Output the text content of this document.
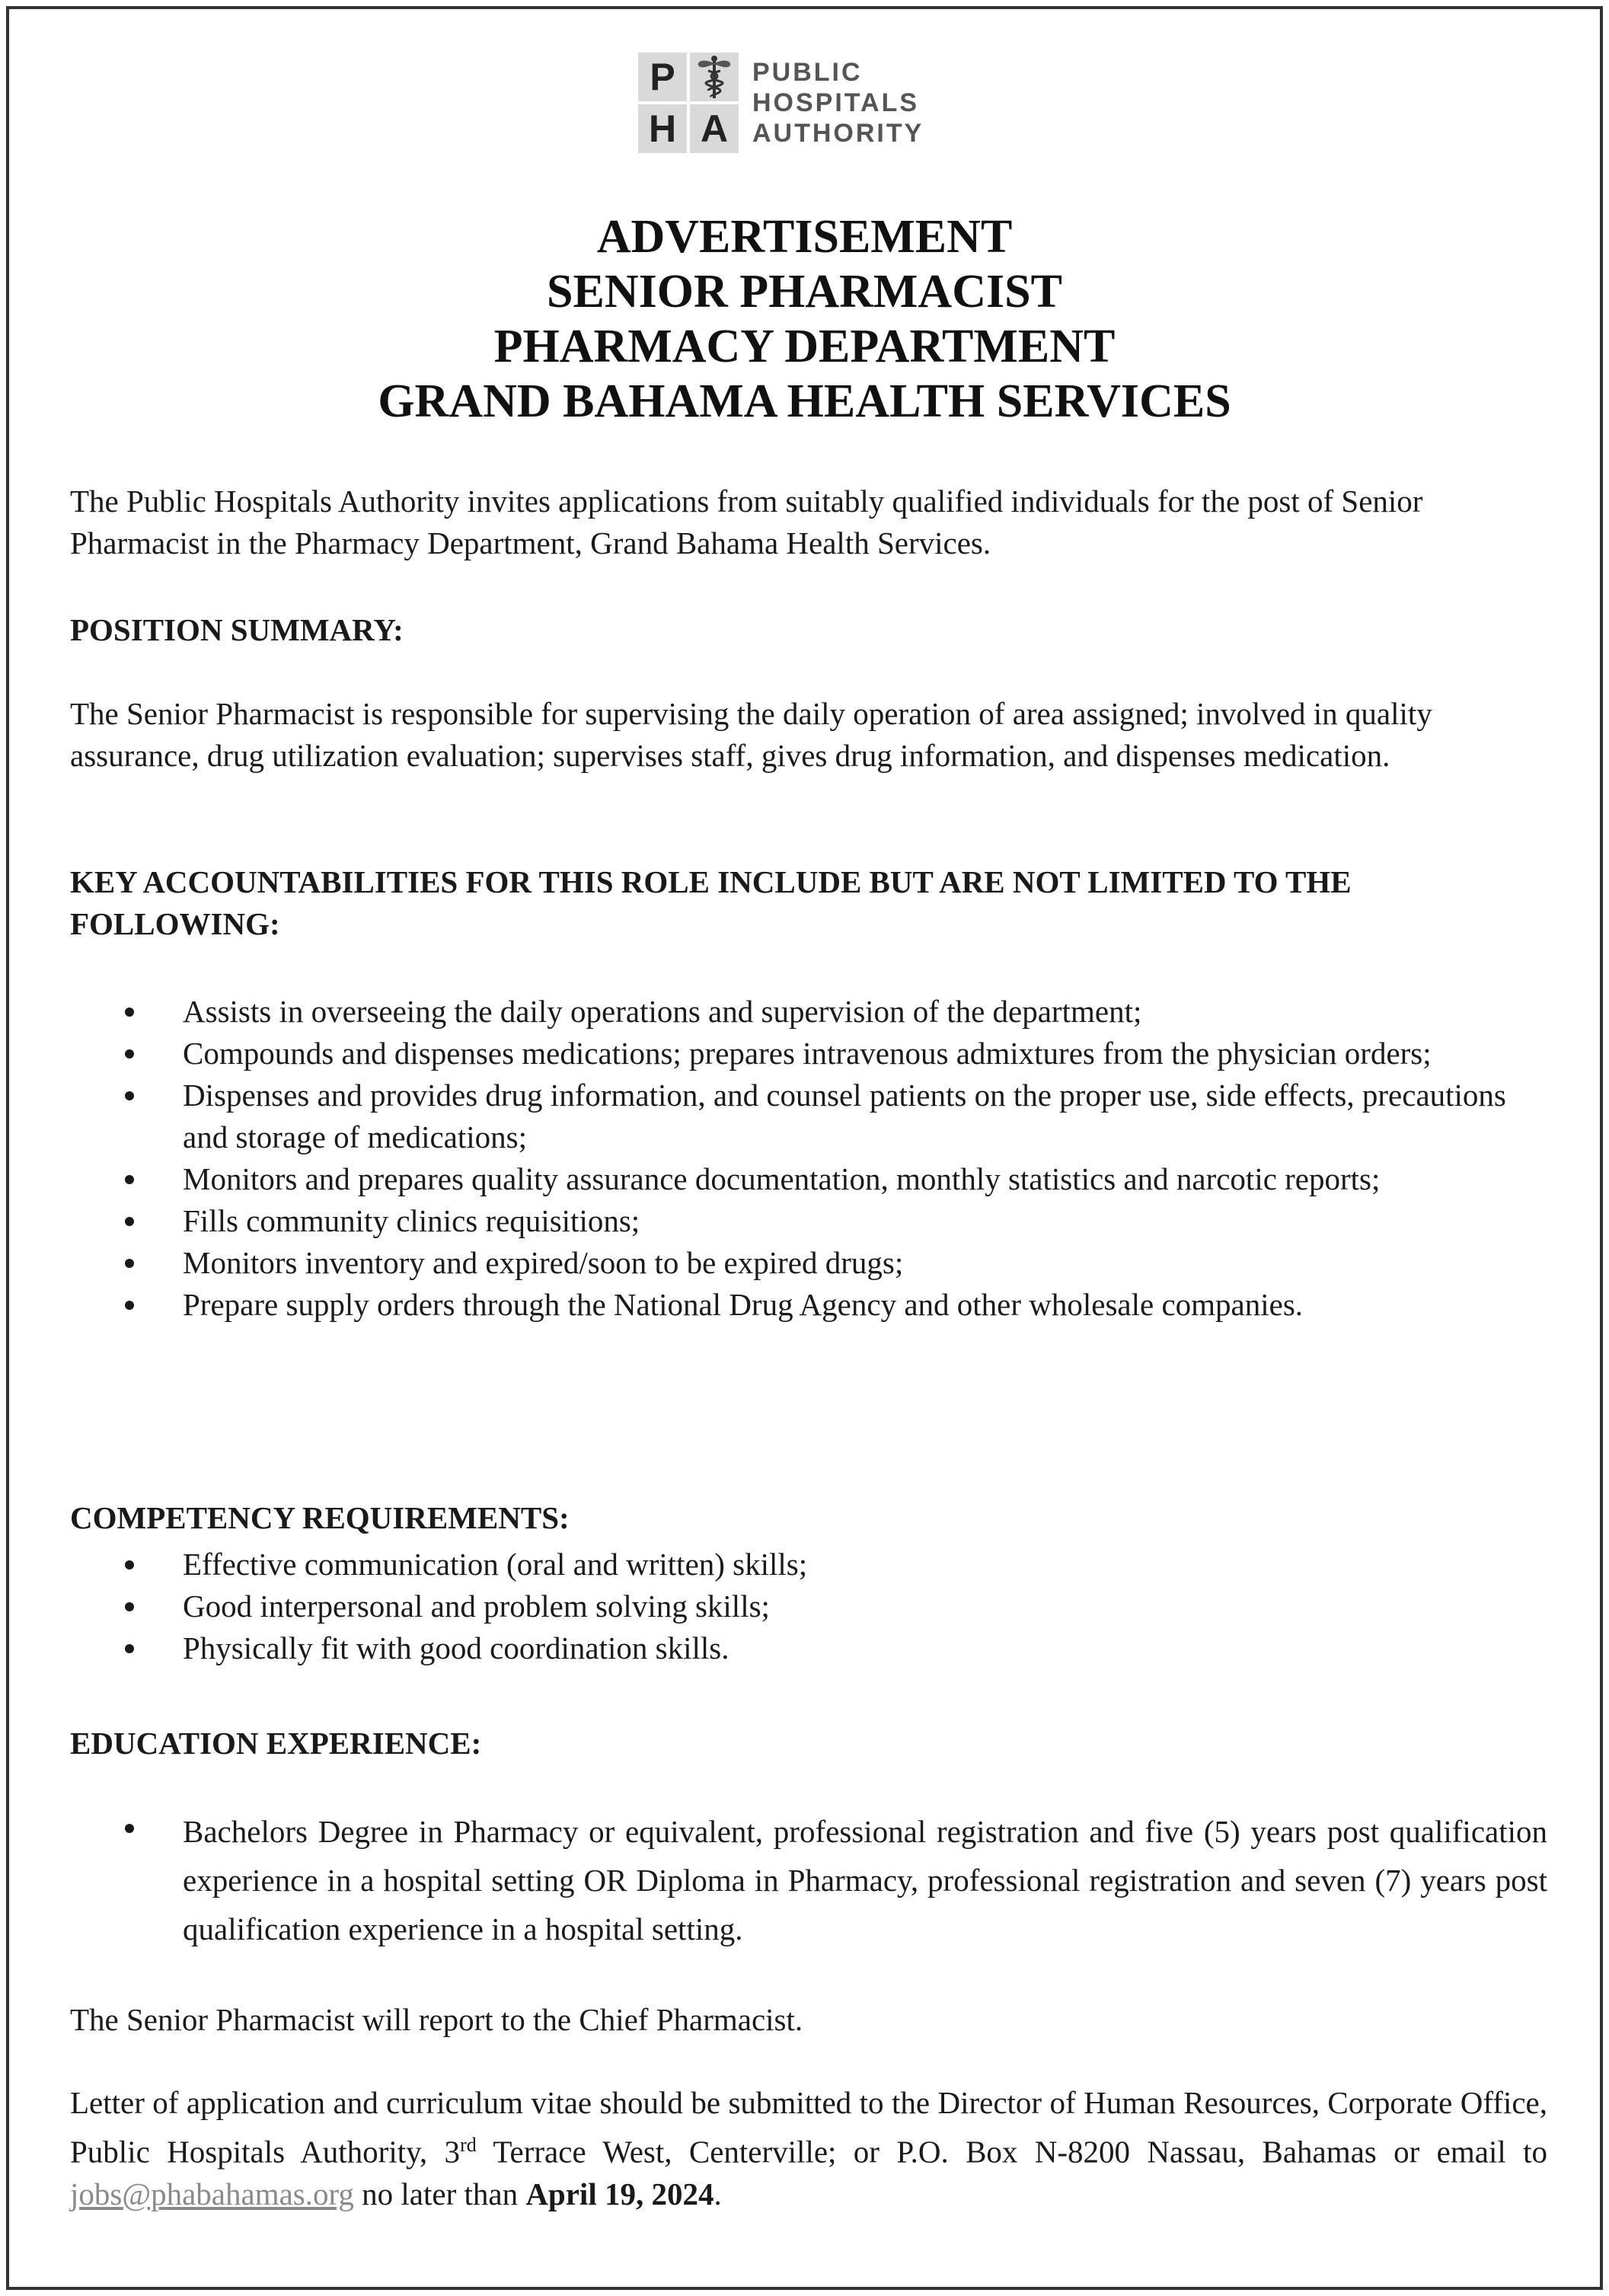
P
H A
PUBLIC
HOSPITALS
AUTHORITY
ADVERTISEMENT
SENIOR PHARMACIST
PHARMACY DEPARTMENT
GRAND BAHAMA HEALTH SERVICES
The Public Hospitals Authority invites applications from suitably qualified individuals for the post of Senior Pharmacist in the Pharmacy Department, Grand Bahama Health Services.
POSITION SUMMARY:
The Senior Pharmacist is responsible for supervising the daily operation of area assigned; involved in quality assurance, drug utilization evaluation; supervises staff, gives drug information, and dispenses medication.
KEY ACCOUNTABILITIES FOR THIS ROLE INCLUDE BUT ARE NOT LIMITED TO THE FOLLOWING:
Assists in overseeing the daily operations and supervision of the department;
Compounds and dispenses medications; prepares intravenous admixtures from the physician orders;
Dispenses and provides drug information, and counsel patients on the proper use, side effects, precautions and storage of medications;
Monitors and prepares quality assurance documentation, monthly statistics and narcotic reports;
Fills community clinics requisitions;
Monitors inventory and expired/soon to be expired drugs;
Prepare supply orders through the National Drug Agency and other wholesale companies.
COMPETENCY REQUIREMENTS:
Effective communication (oral and written) skills;
Good interpersonal and problem solving skills;
Physically fit with good coordination skills.
EDUCATION EXPERIENCE:
Bachelors Degree in Pharmacy or equivalent, professional registration and five (5) years post qualification experience in a hospital setting OR Diploma in Pharmacy, professional registration and seven (7) years post qualification experience in a hospital setting.
The Senior Pharmacist will report to the Chief Pharmacist.
Letter of application and curriculum vitae should be submitted to the Director of Human Resources, Corporate Office, Public Hospitals Authority, 3rd Terrace West, Centerville; or P.O. Box N-8200 Nassau, Bahamas or email to jobs@phabahamas.org no later than April 19, 2024.
